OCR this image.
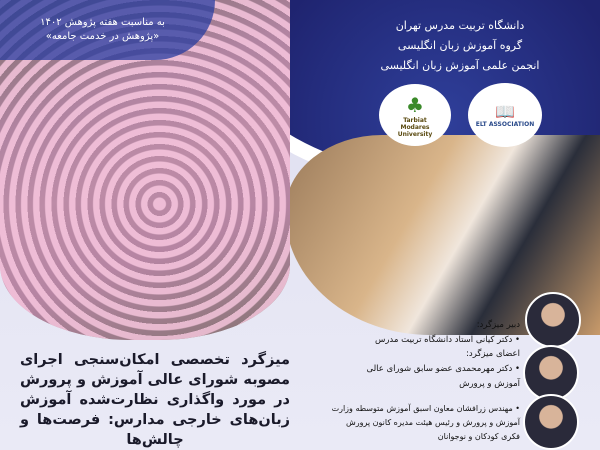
به مناسبت هفته پژوهش ۱۴۰۲
«پژوهش در خدمت جامعه»
دانشگاه تربیت مدرس تهران
گروه آموزش زبان انگلیسی
انجمن علمی آموزش زبان انگلیسی
♣
Tarbiat Modares University
📖
ELT ASSOCIATION
میزگرد تخصصی امکان‌سنجی اجرای مصوبه شورای عالی آموزش و پرورش در مورد واگذاری نظارت‌شده آموزش زبان‌های خارجی مدارس: فرصت‌ها و چالش‌ها
دبیر میزگرد:
• دکتر کیانی استاد دانشگاه تربیت مدرس
اعضای میزگرد:
• دکتر مهرمحمدی عضو سابق شورای عالی آموزش و پرورش
• مهندس زرافشان معاون اسبق آموزش متوسطه وزارت آموزش و پرورش و رئیس هیئت مدیره کانون پرورش فکری کودکان و نوجوانان
